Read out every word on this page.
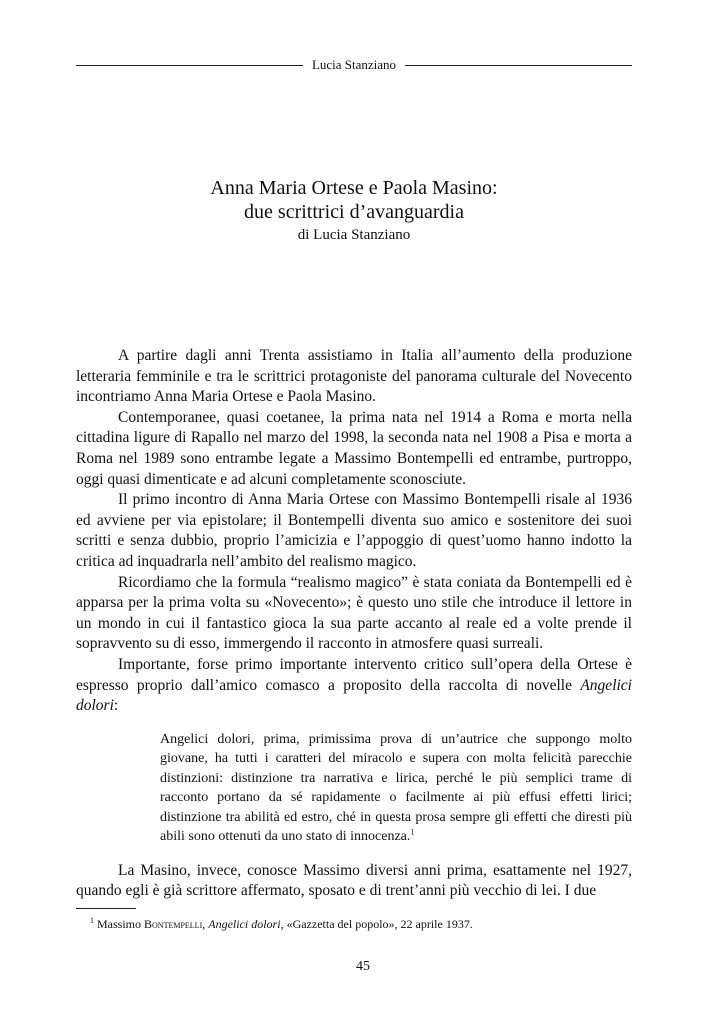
Lucia Stanziano
Anna Maria Ortese e Paola Masino:
due scrittrici d’avanguardia
di Lucia Stanziano

A partire dagli anni Trenta assistiamo in Italia all’aumento della produzione letteraria femminile e tra le scrittrici protagoniste del panorama culturale del Novecento incontriamo Anna Maria Ortese e Paola Masino.

Contemporanee, quasi coetanee, la prima nata nel 1914 a Roma e morta nella cittadina ligure di Rapallo nel marzo del 1998, la seconda nata nel 1908 a Pisa e morta a Roma nel 1989 sono entrambe legate a Massimo Bontempelli ed entrambe, purtroppo, oggi quasi dimenticate e ad alcuni completamente sconosciute.

Il primo incontro di Anna Maria Ortese con Massimo Bontempelli risale al 1936 ed avviene per via epistolare; il Bontempelli diventa suo amico e sostenitore dei suoi scritti e senza dubbio, proprio l’amicizia e l’appoggio di quest’uomo hanno indotto la critica ad inquadrarla nell’ambito del realismo magico.

Ricordiamo che la formula “realismo magico” è stata coniata da Bontempelli ed è apparsa per la prima volta su «Novecento»; è questo uno stile che introduce il lettore in un mondo in cui il fantastico gioca la sua parte accanto al reale ed a volte prende il sopravvento su di esso, immergendo il racconto in atmosfere quasi surreali.

Importante, forse primo importante intervento critico sull’opera della Ortese è espresso proprio dall’amico comasco a proposito della raccolta di novelle Angelici dolori:

Angelici dolori, prima, primissima prova di un’autrice che suppongo molto giovane, ha tutti i caratteri del miracolo e supera con molta felicità parecchie distinzioni: distinzione tra narrativa e lirica, perché le più semplici trame di racconto portano da sé rapidamente o facilmente ai più effusi effetti lirici; distinzione tra abilità ed estro, ché in questa prosa sempre gli effetti che diresti più abili sono ottenuti da uno stato di innocenza.$^1$

La Masino, invece, conosce Massimo diversi anni prima, esattamente nel 1927, quando egli è già scrittore affermato, sposato e di trent’anni più vecchio di lei. I due

$^1$ Massimo Bontempelli, Angelici dolori, «Gazzetta del popolo», 22 aprile 1937.
45
